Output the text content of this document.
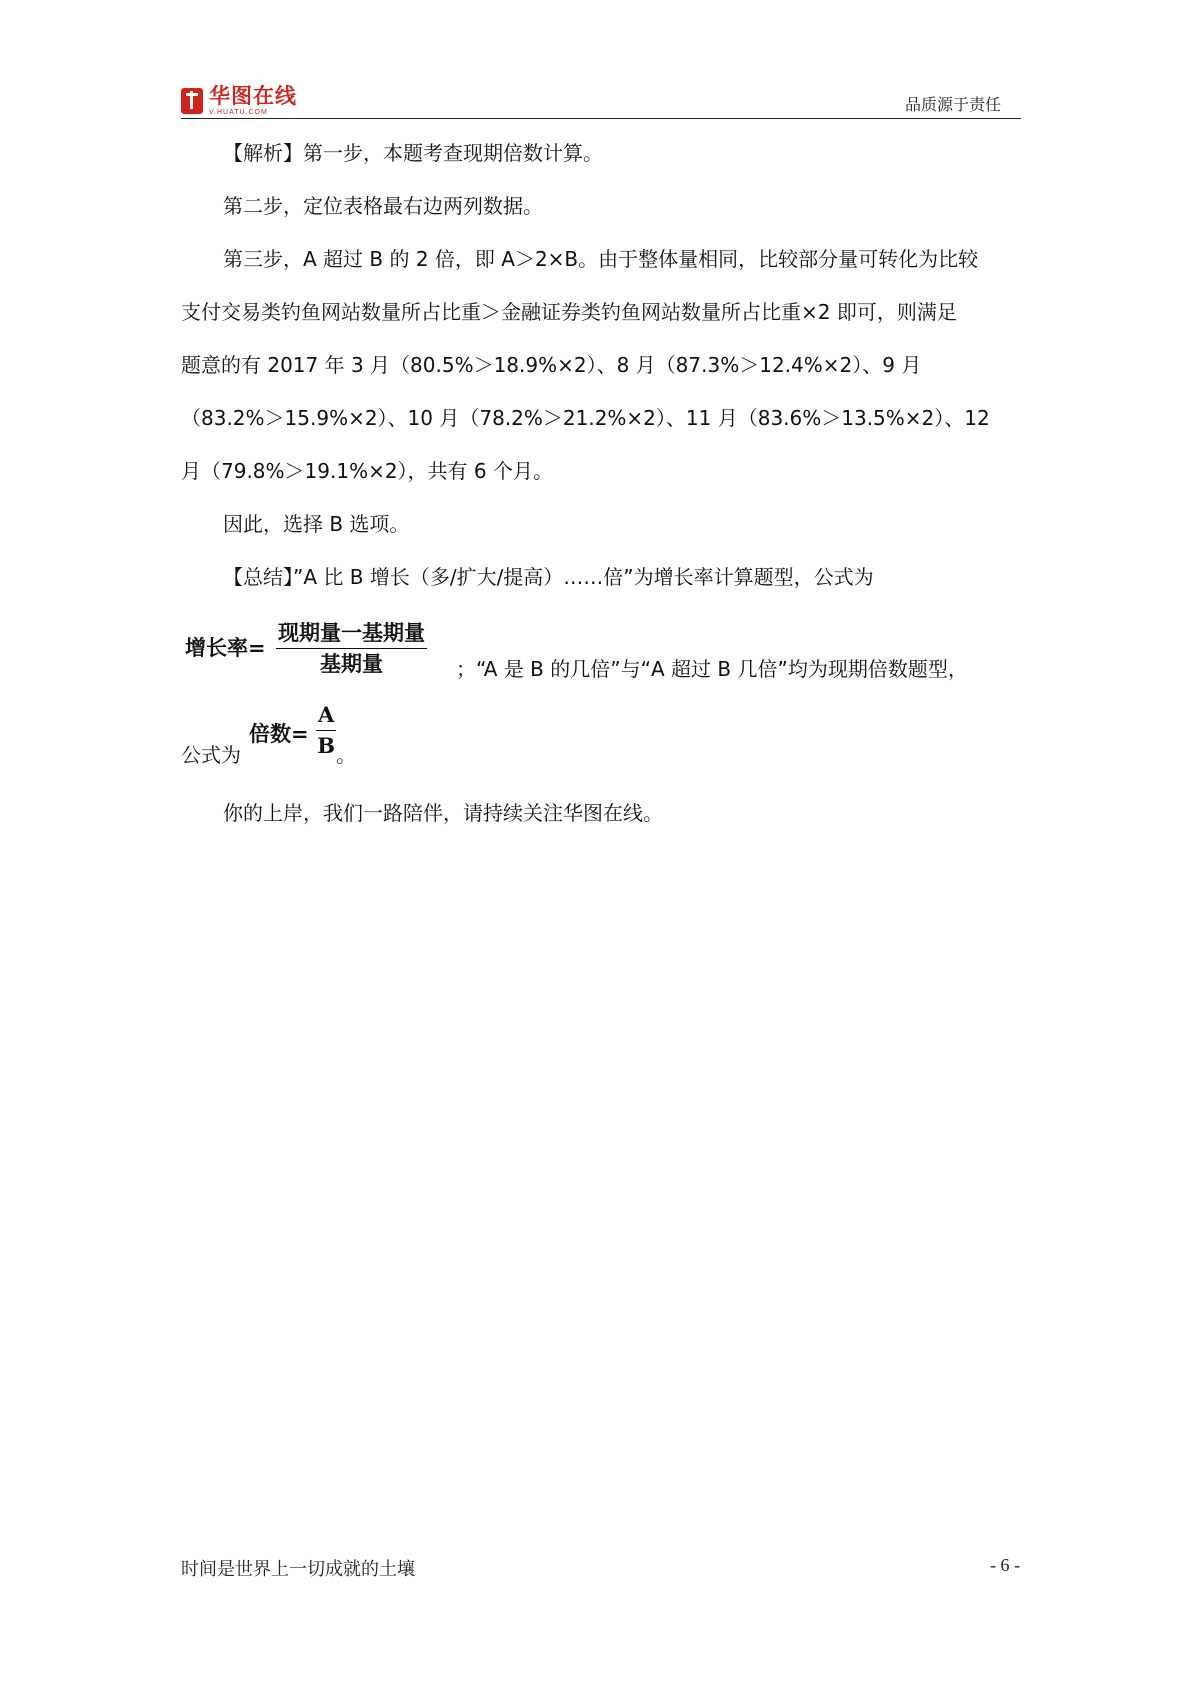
华图在线
V.HUATU.COM	品质源于责任
【解析】第一步，本题考查现期倍数计算。
第二步，定位表格最右边两列数据。
第三步，A 超过 B 的 2 倍，即 A＞2×B。由于整体量相同，比较部分量可转化为比较
支付交易类钓鱼网站数量所占比重＞金融证券类钓鱼网站数量所占比重×2 即可，则满足
题意的有 2017 年 3 月（80.5%＞18.9%×2）、8 月（87.3%＞12.4%×2）、9 月
（83.2%＞15.9%×2）、10 月（78.2%＞21.2%×2）、11 月（83.6%＞13.5%×2）、12
月（79.8%＞19.1%×2），共有 6 个月。
因此，选择 B 选项。
【总结】”A 比 B 增长（多/扩大/提高）……倍”为增长率计算题型，公式为
增长率=
现期量一基期量
基期量	；“A 是 B 的几倍”与“A 超过 B 几倍”均为现期倍数题型，
公式为
倍数= $\frac{A}{B}$ 。
你的上岸，我们一路陪伴，请持续关注华图在线。
时间是世界上一切成就的土壤	- 6 -
